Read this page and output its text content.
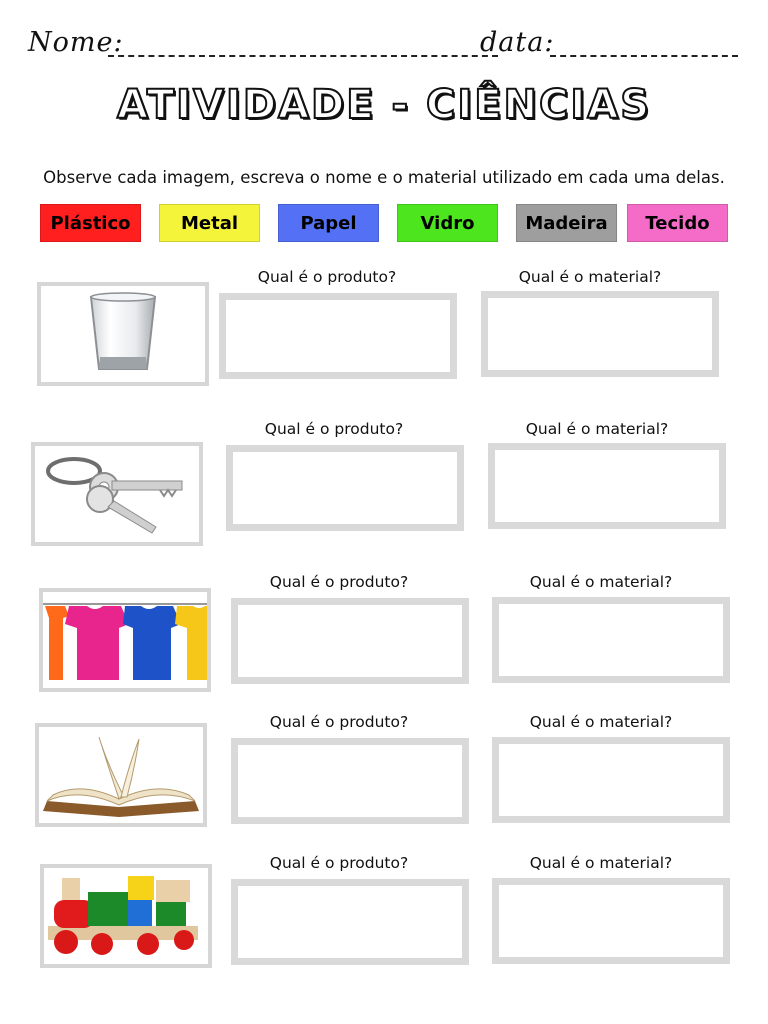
Nome:	data:
ATIVIDADE - CIÊNCIAS
Observe cada imagem, escreva o nome e o material utilizado em cada uma delas.
Plástico	Metal	Papel	Vidro	Madeira Tecido
Qual é o produto?	Qual é o material?
Qual é o produto?	Qual é o material?
Qual é o produto?	Qual é o material?
Qual é o produto?	Qual é o material?
Qual é o produto?	Qual é o material?
